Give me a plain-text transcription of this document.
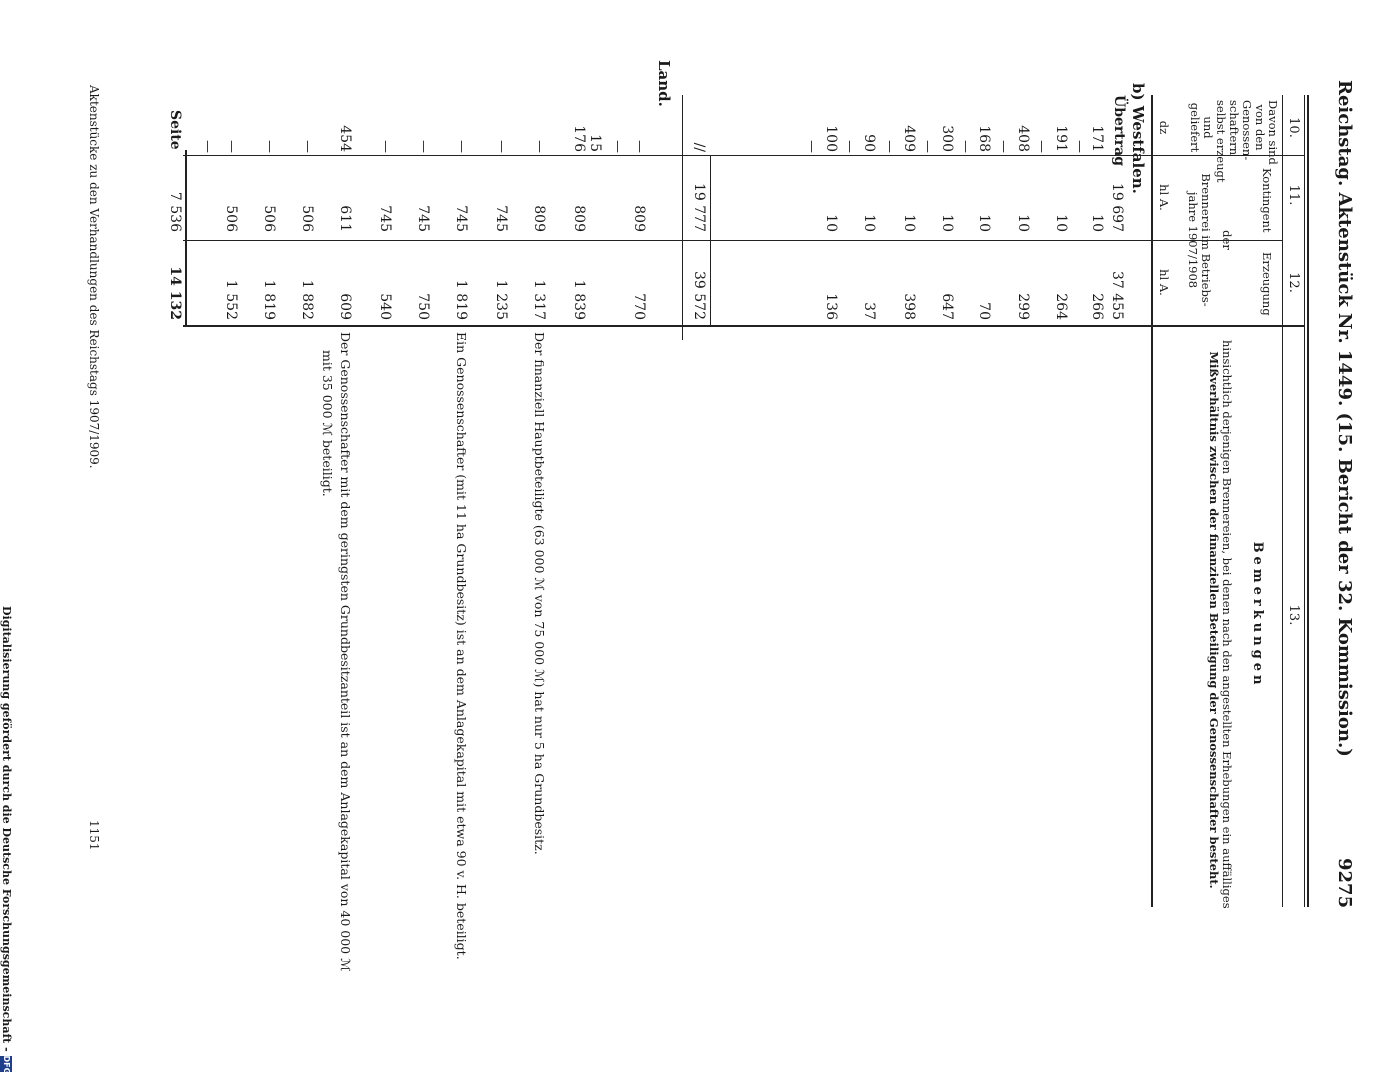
Reichstag. Aktenstück Nr. 1449. (15. Bericht der 32. Kommission.)
9275
10.
11.
12.
13.
Davon sind
von den
Genossen-
schaftern
selbst erzeugt
und
geliefert
Kontingent
Erzeugung
der
Brennerei im Betriebs-
jahre 1907/1908
Bemerkungen
hinsichtlich derjenigen Brennereien, bei denen nach den angestellten Erhebungen ein auffälliges
Mißverhältnis zwischen der finanziellen Beteiligung der Genossenschafter besteht.
dz
hl A.
hl A.
b) Westfalen.
Übertrag
19 697
37 455
171
10
266
191
10
264
408
10
299
168
10
70
300
10
647
409
10
398
90
10
37
100
10
136
—
—
—
—
—
—
—
—
//
19 777
39 572
Land.
—
809
770
—
15
176
809
1 839
—
809
1 317
Der finanziell Hauptbeteiligte (63 000 ℳ von 75 000 ℳ) hat nur 5 ha Grundbesitz.
—
745
1 235
—
745
1 819
Ein Genossenschafter (mit 11 ha Grundbesitz) ist an dem Anlagekapital mit etwa 90 v. H. beteiligt.
—
745
750
—
745
540
454
611
609
Der Genossenschafter mit dem geringsten Grundbesitzanteil ist an dem Anlagekapital von 40 000 ℳ
—
506
1 882
mit 35 000 ℳ beteiligt.
—
506
1 819
—
506
1 552
—
Seite
7 536
14 132
Aktenstücke zu den Verhandlungen des Reichstags 1907/1909.
1151
Digitalisierung gefördert durch die Deutsche Forschungsgemeinschaft - DFG
